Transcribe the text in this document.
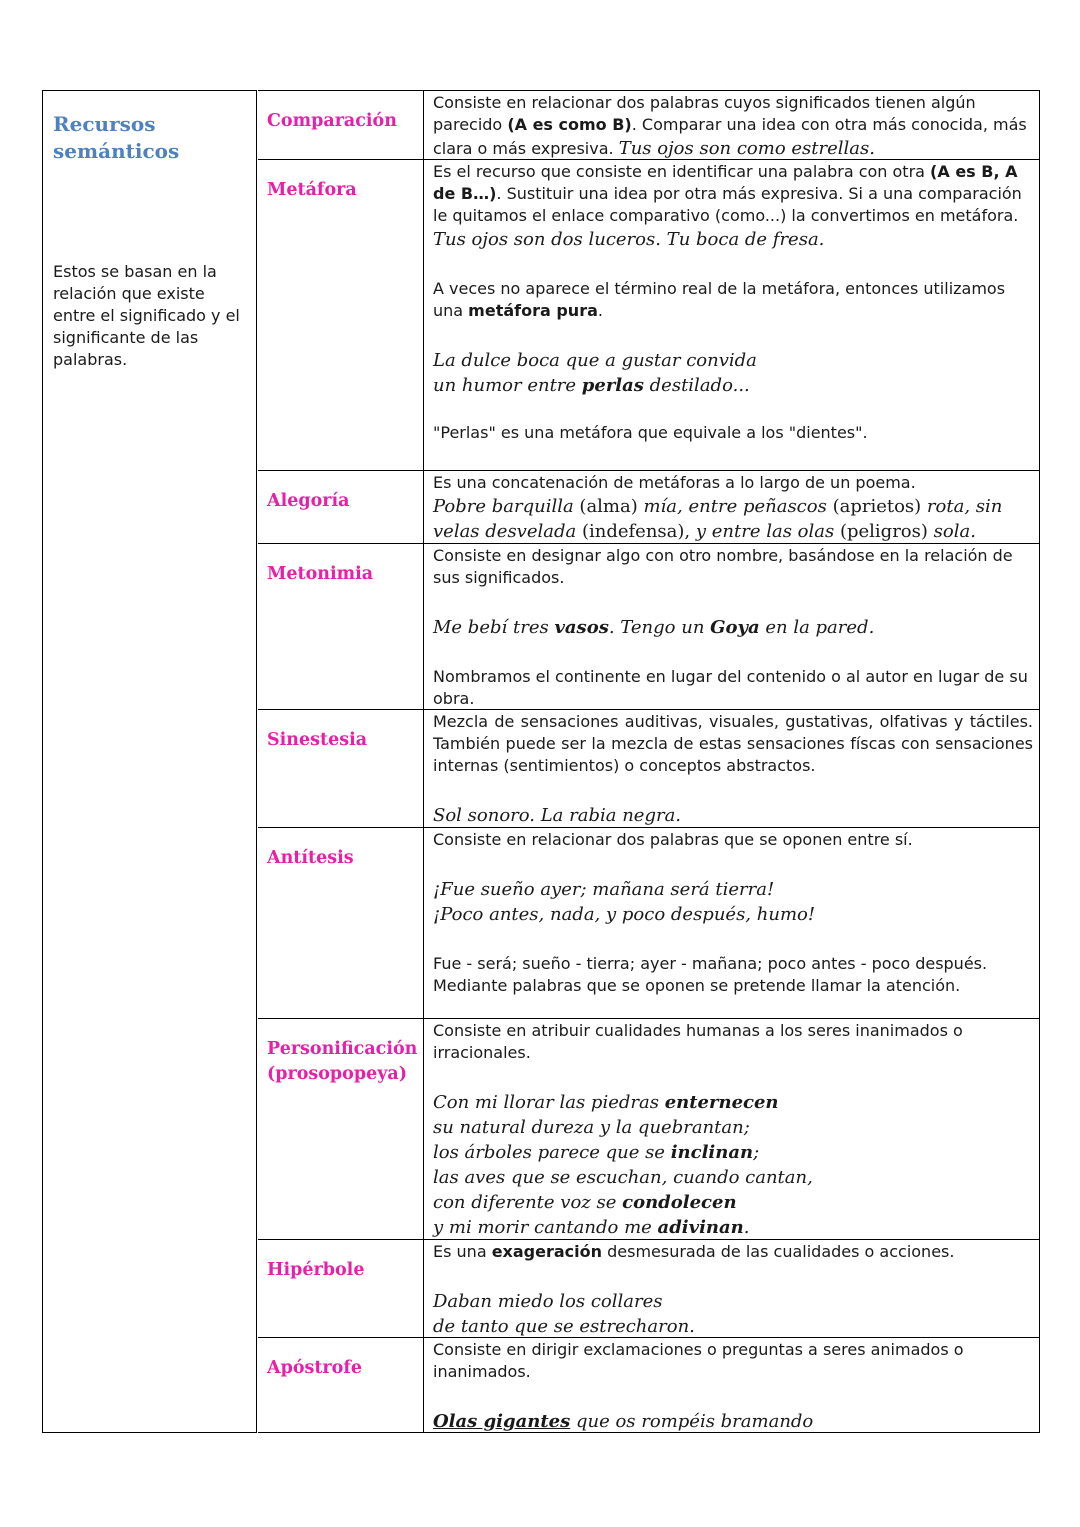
Recursos semánticos
Estos se basan en la relación que existe entre el significado y el significante de las palabras.
Comparación

Consiste en relacionar dos palabras cuyos significados tienen algún parecido (A es como B). Comparar una idea con otra más conocida, más clara o más expresiva. Tus ojos son como estrellas.

Metáfora

Es el recurso que consiste en identificar una palabra con otra (A es B, A de B…). Sustituir una idea por otra más expresiva. Si a una comparación le quitamos el enlace comparativo (como...) la convertimos en metáfora. Tus ojos son dos luceros. Tu boca de fresa.

A veces no aparece el término real de la metáfora, entonces utilizamos una metáfora pura.

La dulce boca que a gustar convida

un humor entre perlas destilado...

"Perlas" es una metáfora que equivale a los "dientes".

Alegoría

Es una concatenación de metáforas a lo largo de un poema.

Pobre barquilla (alma) mía, entre peñascos (aprietos) rota, sin velas desvelada (indefensa), y entre las olas (peligros) sola.

Metonimia

Consiste en designar algo con otro nombre, basándose en la relación de sus significados.

Me bebí tres vasos. Tengo un Goya en la pared.

Nombramos el continente en lugar del contenido o al autor en lugar de su obra.

Sinestesia

Mezcla de sensaciones auditivas, visuales, gustativas, olfativas y táctiles. También puede ser la mezcla de estas sensaciones físcas con sensaciones internas (sentimientos) o conceptos abstractos.

Sol sonoro. La rabia negra.

Antítesis

Consiste en relacionar dos palabras que se oponen entre sí.

¡Fue sueño ayer; mañana será tierra!

¡Poco antes, nada, y poco después, humo!

Fue - será; sueño - tierra; ayer - mañana; poco antes - poco después.

Mediante palabras que se oponen se pretende llamar la atención.

Personificación (prosopopeya)

Consiste en atribuir cualidades humanas a los seres inanimados o irracionales.

Con mi llorar las piedras enternecen

su natural dureza y la quebrantan;

los árboles parece que se inclinan;

las aves que se escuchan, cuando cantan,

con diferente voz se condolecen

y mi morir cantando me adivinan.

Hipérbole

Es una exageración desmesurada de las cualidades o acciones.

Daban miedo los collares

de tanto que se estrecharon.

Apóstrofe

Consiste en dirigir exclamaciones o preguntas a seres animados o inanimados.

Olas gigantes que os rompéis bramando
